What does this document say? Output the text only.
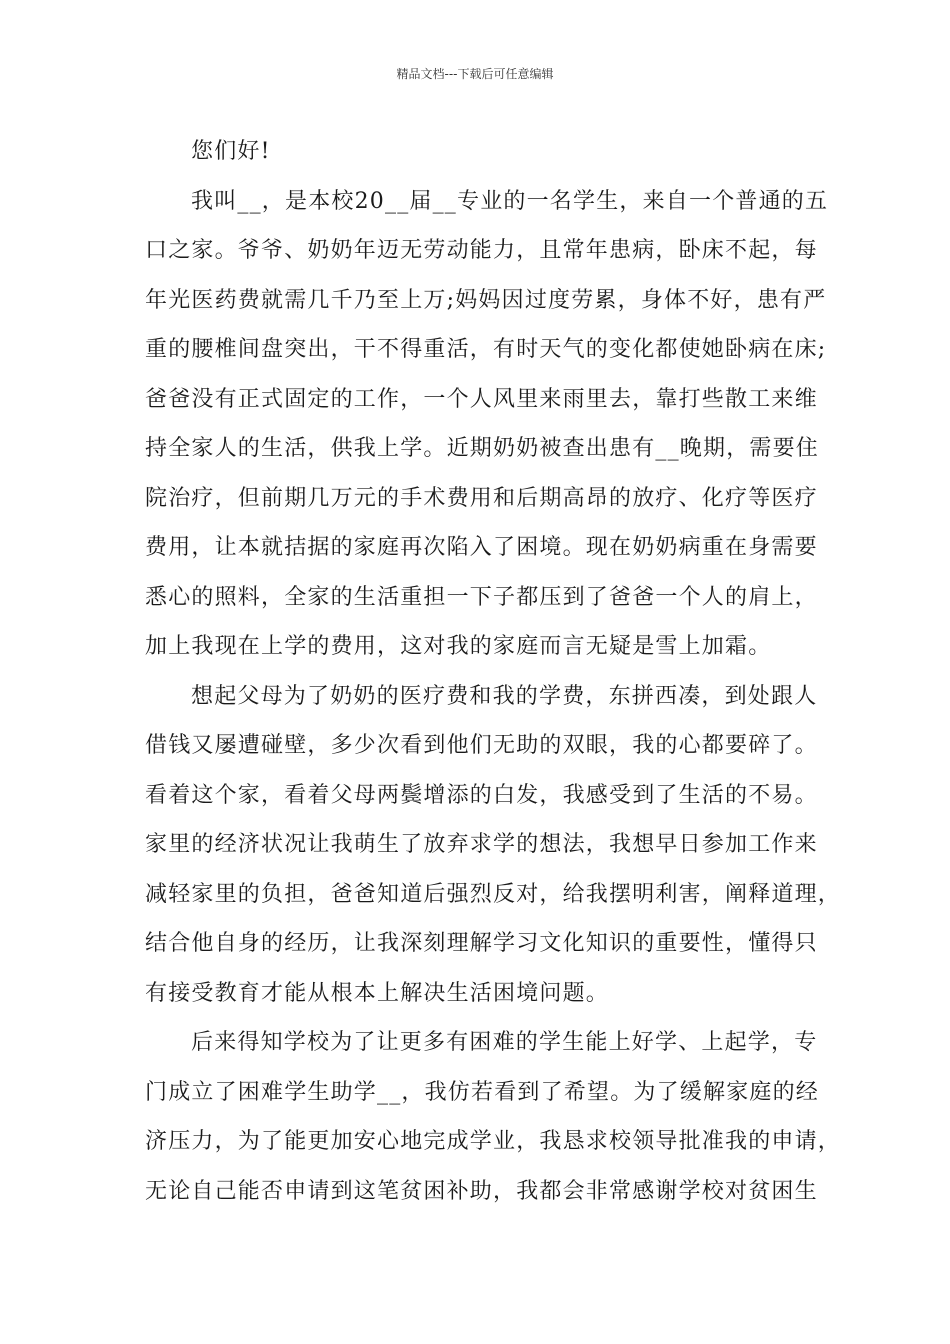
精品文档---下载后可任意编辑
您们好!
我叫__，是本校20__届__专业的一名学生，来自一个普通的五
口之家。爷爷、奶奶年迈无劳动能力，且常年患病，卧床不起，每
年光医药费就需几千乃至上万;妈妈因过度劳累，身体不好，患有严
重的腰椎间盘突出，干不得重活，有时天气的变化都使她卧病在床;
爸爸没有正式固定的工作，一个人风里来雨里去，靠打些散工来维
持全家人的生活，供我上学。近期奶奶被查出患有__晚期，需要住
院治疗，但前期几万元的手术费用和后期高昂的放疗、化疗等医疗
费用，让本就拮据的家庭再次陷入了困境。现在奶奶病重在身需要
悉心的照料，全家的生活重担一下子都压到了爸爸一个人的肩上，
加上我现在上学的费用，这对我的家庭而言无疑是雪上加霜。
想起父母为了奶奶的医疗费和我的学费，东拼西凑，到处跟人
借钱又屡遭碰壁，多少次看到他们无助的双眼，我的心都要碎了。
看着这个家，看着父母两鬓增添的白发，我感受到了生活的不易。
家里的经济状况让我萌生了放弃求学的想法，我想早日参加工作来
减轻家里的负担，爸爸知道后强烈反对，给我摆明利害，阐释道理，
结合他自身的经历，让我深刻理解学习文化知识的重要性，懂得只
有接受教育才能从根本上解决生活困境问题。
后来得知学校为了让更多有困难的学生能上好学、上起学，专
门成立了困难学生助学__，我仿若看到了希望。为了缓解家庭的经
济压力，为了能更加安心地完成学业，我恳求校领导批准我的申请，
无论自己能否申请到这笔贫困补助，我都会非常感谢学校对贫困生
